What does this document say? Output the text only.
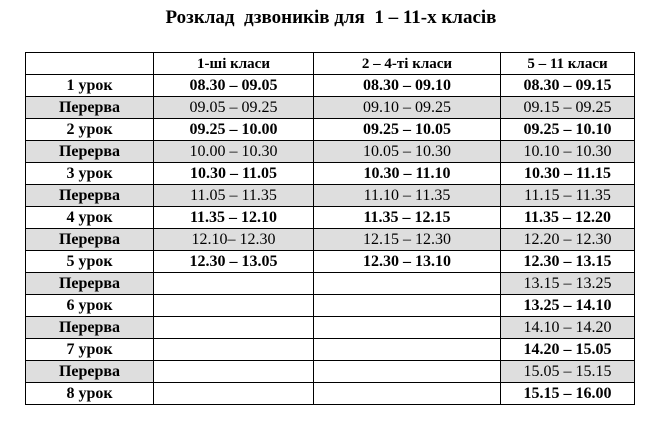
Розклад  дзвоників для  1 – 11-х класів
	1-ші класи	2 – 4-ті класи	5 – 11 класи
1 урок	08.30 – 09.05	08.30 – 09.10	08.30 – 09.15
Перерва	09.05 – 09.25	09.10 – 09.25	09.15 – 09.25
2 урок	09.25 – 10.00	09.25 – 10.05	09.25 – 10.10
Перерва	10.00 – 10.30	10.05 – 10.30	10.10 – 10.30
3 урок	10.30 – 11.05	10.30 – 11.10	10.30 – 11.15
Перерва	11.05 – 11.35	11.10 – 11.35	11.15 – 11.35
4 урок	11.35 – 12.10	11.35 – 12.15	11.35 – 12.20
Перерва	12.10– 12.30	12.15 – 12.30	12.20 – 12.30
5 урок	12.30 – 13.05	12.30 – 13.10	12.30 – 13.15
Перерва			13.15 – 13.25
6 урок			13.25 – 14.10
Перерва			14.10 – 14.20
7 урок			14.20 – 15.05
Перерва			15.05 – 15.15
8 урок			15.15 – 16.00
